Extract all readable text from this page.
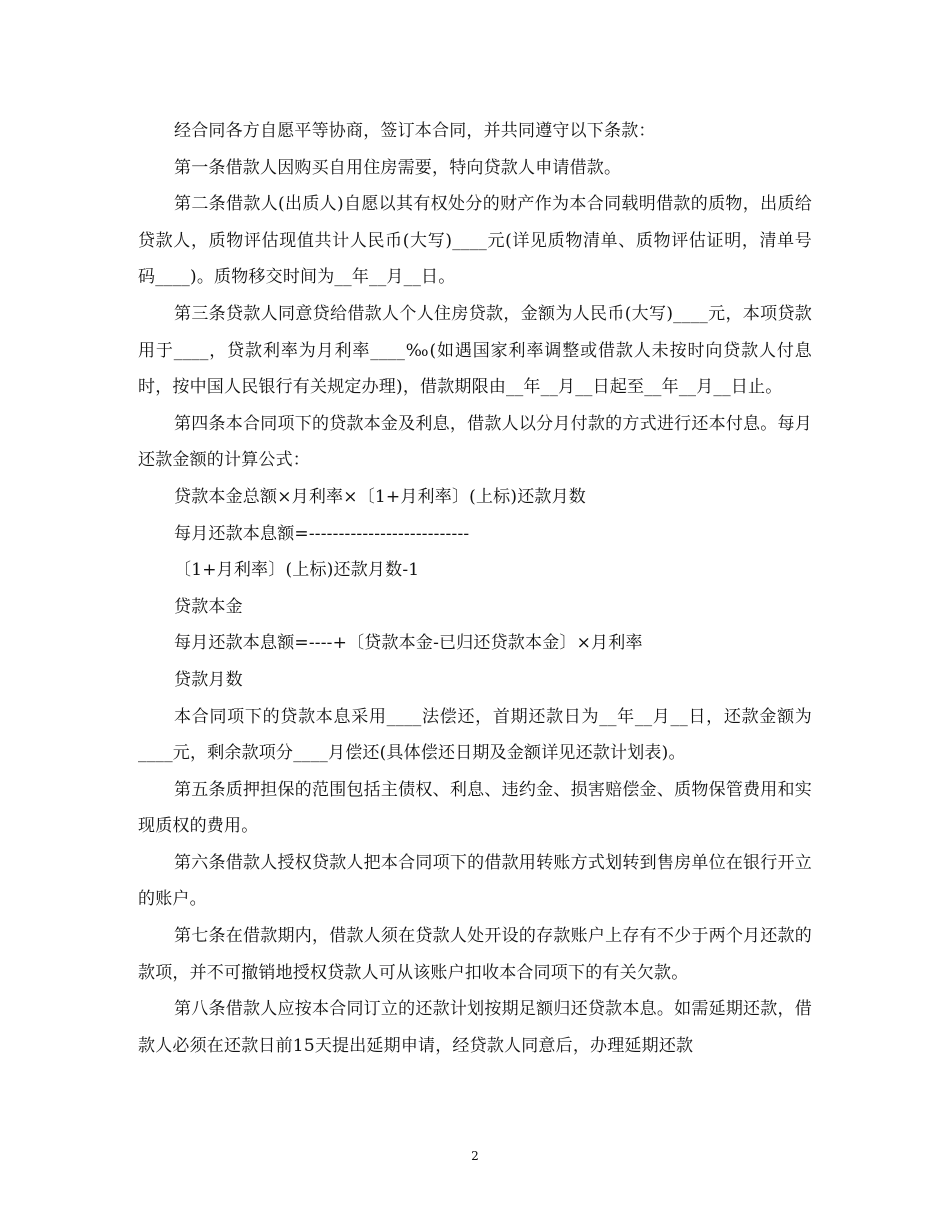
经合同各方自愿平等协商，签订本合同，并共同遵守以下条款：

第一条借款人因购买自用住房需要，特向贷款人申请借款。

第二条借款人(出质人)自愿以其有权处分的财产作为本合同载明借款的质物，出质给贷款人，质物评估现值共计人民币(大写)____元(详见质物清单、质物评估证明，清单号码____)。质物移交时间为__年__月__日。

第三条贷款人同意贷给借款人个人住房贷款，金额为人民币(大写)____元，本项贷款用于____，贷款利率为月利率____‰(如遇国家利率调整或借款人未按时向贷款人付息时，按中国人民银行有关规定办理)，借款期限由__年__月__日起至__年__月__日止。

第四条本合同项下的贷款本金及利息，借款人以分月付款的方式进行还本付息。每月还款金额的计算公式：

贷款本金总额×月利率×〔1+月利率〕(上标)还款月数

每月还款本息额=---------------------------

〔1+月利率〕(上标)还款月数-1

贷款本金

每月还款本息额=----+〔贷款本金-已归还贷款本金〕×月利率

贷款月数

本合同项下的贷款本息采用____法偿还，首期还款日为__年__月__日，还款金额为____元，剩余款项分____月偿还(具体偿还日期及金额详见还款计划表)。

第五条质押担保的范围包括主债权、利息、违约金、损害赔偿金、质物保管费用和实现质权的费用。

第六条借款人授权贷款人把本合同项下的借款用转账方式划转到售房单位在银行开立的账户。

第七条在借款期内，借款人须在贷款人处开设的存款账户上存有不少于两个月还款的款项，并不可撤销地授权贷款人可从该账户扣收本合同项下的有关欠款。

第八条借款人应按本合同订立的还款计划按期足额归还贷款本息。如需延期还款，借款人必须在还款日前15天提出延期申请，经贷款人同意后，办理延期还款

2
